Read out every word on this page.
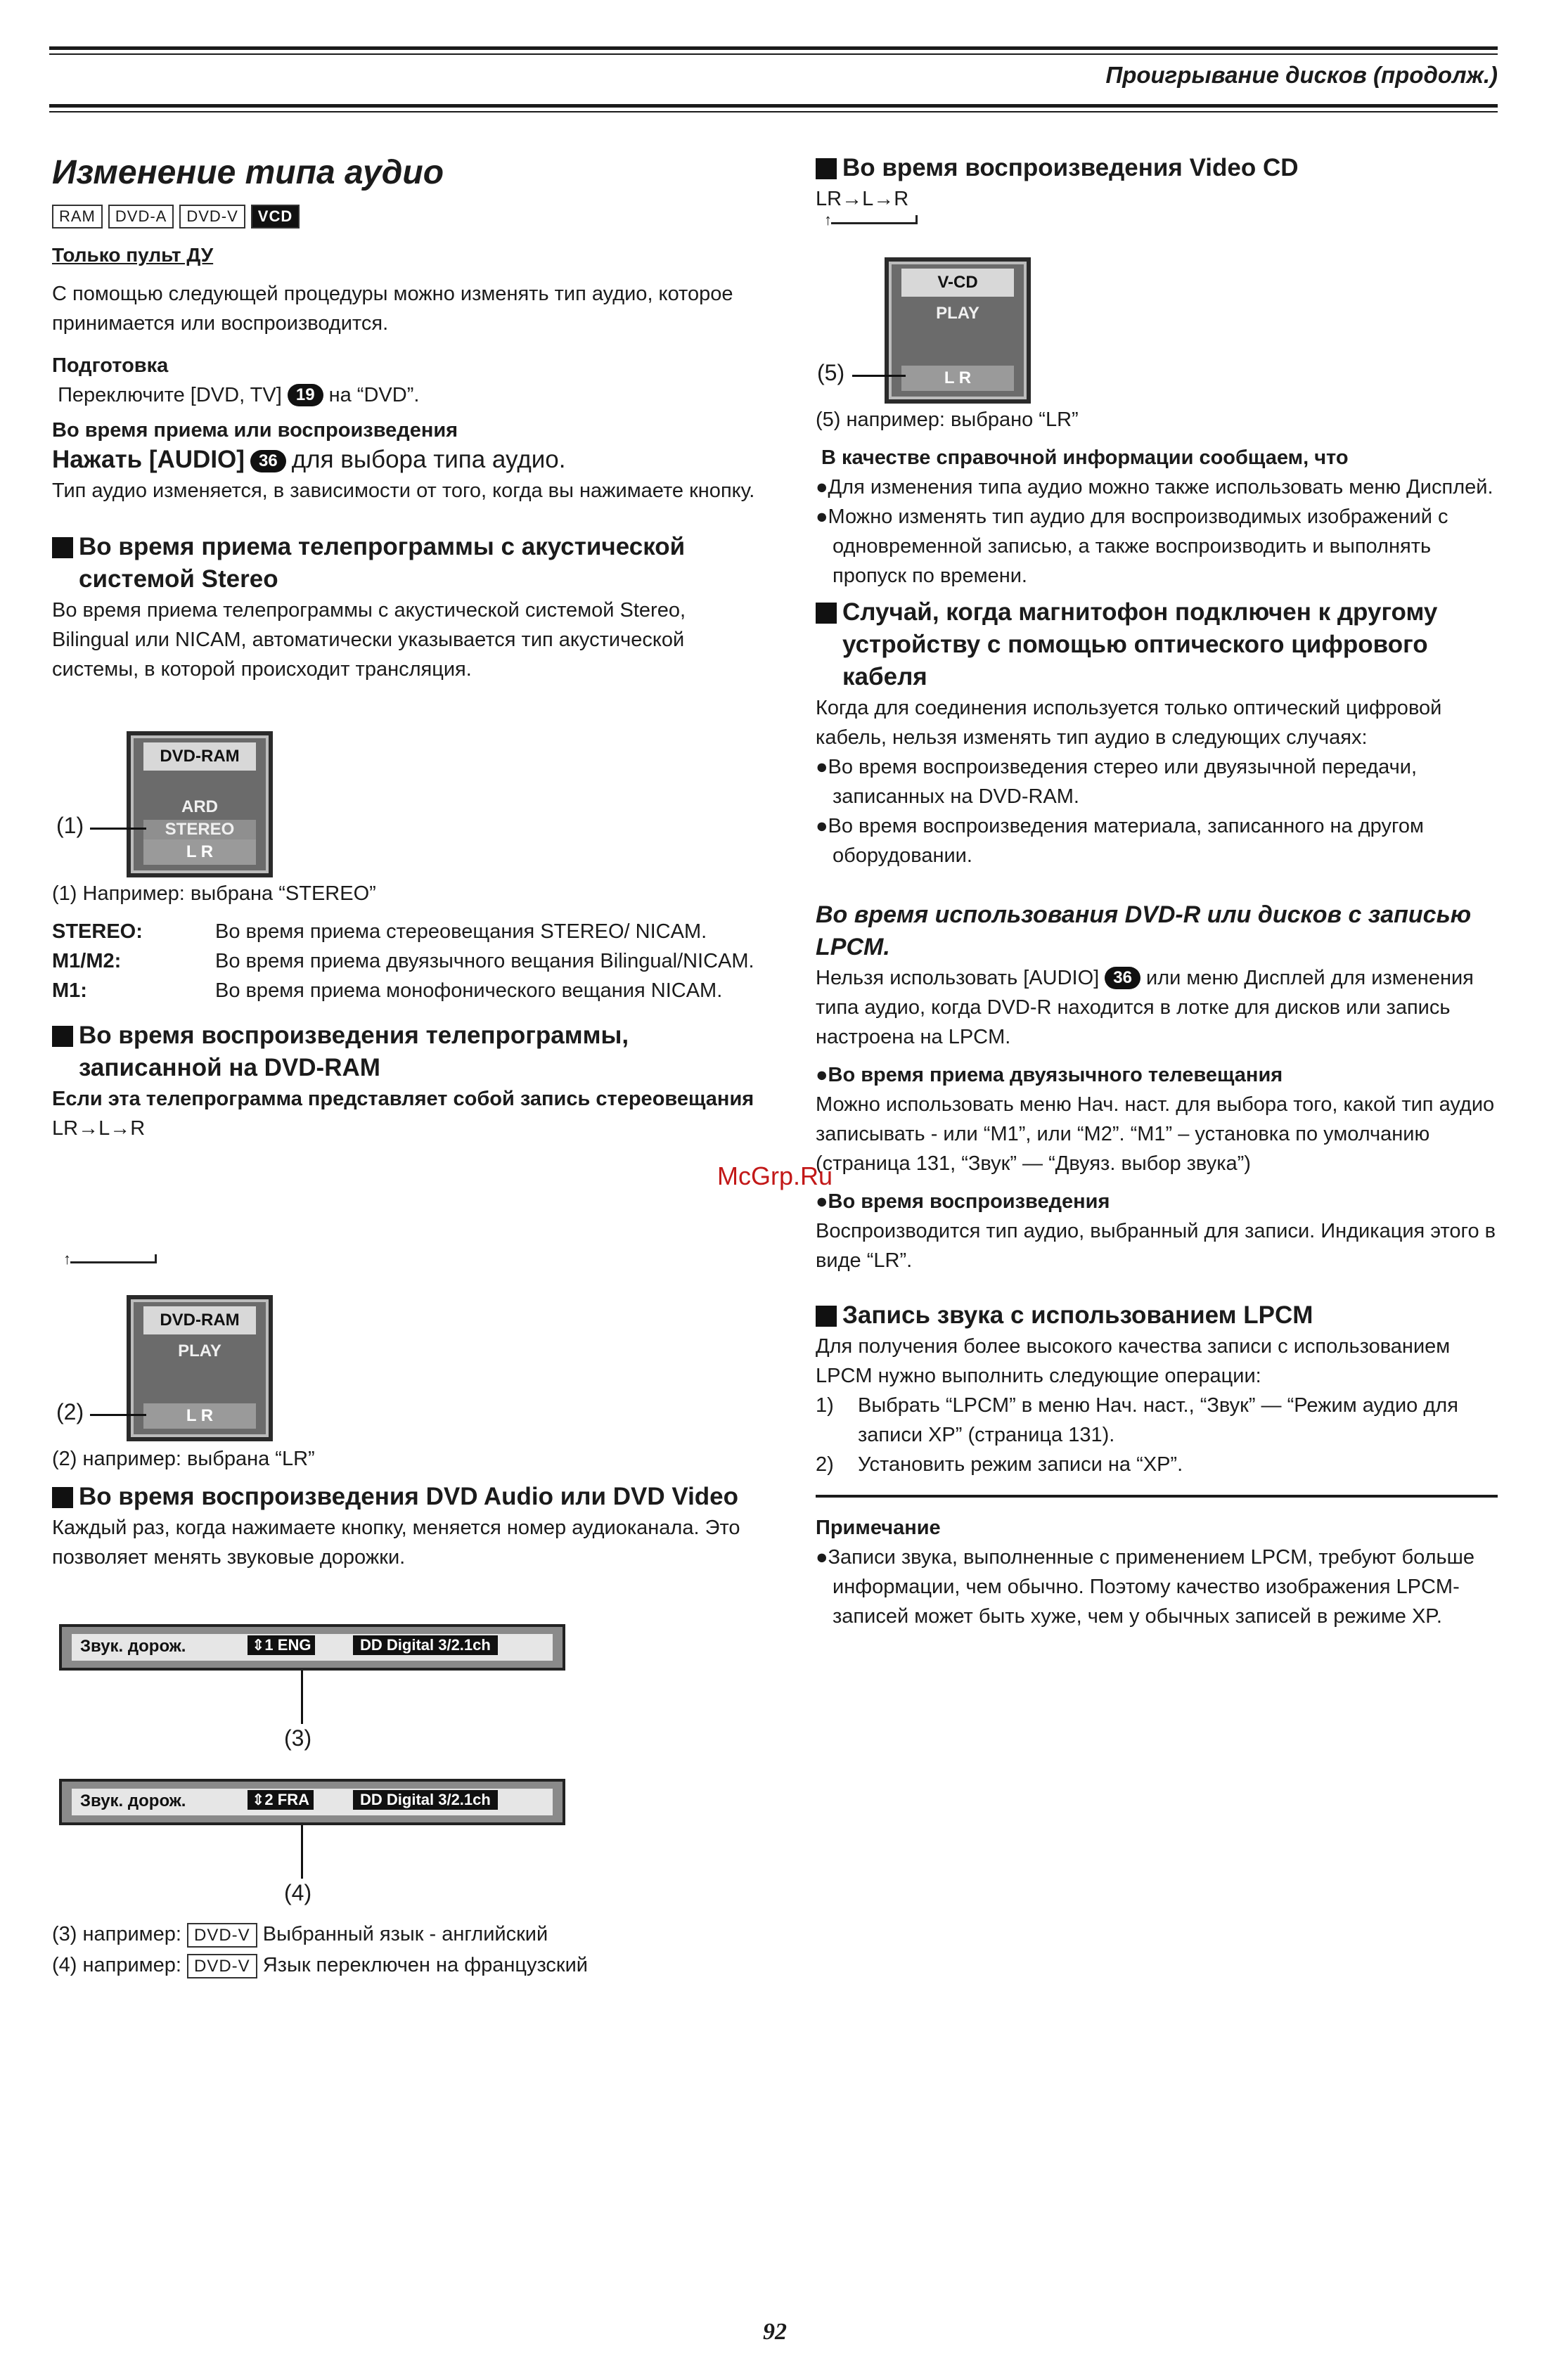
Проигрывание дисков (продолж.)
Изменение типа аудио
RAM	DVD-A	DVD-V	VCD
Только пульт ДУ

С помощью следующей процедуры можно изменять тип аудио, которое принимается или воспроизводится.

Подготовка

Переключите [DVD, TV] 19 на “DVD”.

Во время приема или воспроизведения

Нажать [AUDIO] 36 для выбора типа аудио.

Тип аудио изменяется, в зависимости от того, когда вы нажимаете кнопку.

Во время приема телепрограммы с акустической системой Stereo

Во время приема телепрограммы с акустической системой Stereo, Bilingual или NICAM, автоматически указывается тип акустической системы, в которой происходит трансляция.

DVD-RAM
ARD
STEREO
L R
(1)

(1) Например: выбрана “STEREO”

STEREO:	Во время приема стереовещания STEREO/ NICAM.
M1/M2:	Во время приема двуязычного вещания Bilingual/NICAM.
M1:	Во время приема монофонического вещания NICAM.

Во время воспроизведения телепрограммы, записанной на DVD-RAM

Если эта телепрограмма представляет собой запись стереовещания

LR→L→R

↑
DVD-RAM
PLAY
L R
(2)

(2) например: выбрана “LR”

Во время воспроизведения DVD Audio или DVD Video

Каждый раз, когда нажимаете кнопку, меняется номер аудиоканала. Это позволяет менять звуковые дорожки.

Звук. дорож.	⇕1 ENG	DD Digital 3/2.1ch
(3)
Звук. дорож.	⇕2 FRA	DD Digital 3/2.1ch
(4)

(3) например: DVD-V Выбранный язык - английский

(4) например: DVD-V Язык переключен на французский

Во время воспроизведения Video CD

LR→L→R

↑
V-CD
PLAY
L R
(5)

(5) например: выбрано “LR”

В качестве справочной информации сообщаем, что

●Для изменения типа аудио можно также использовать меню Дисплей.

●Можно изменять тип аудио для воспроизводимых изображений с одновременной записью, а также воспроизводить и выполнять пропуск по времени.

Случай, когда магнитофон подключен к другому устройству с помощью оптического цифрового кабеля

Когда для соединения используется только оптический цифровой кабель, нельзя изменять тип аудио в следующих случаях:

●Во время воспроизведения стерео или двуязычной передачи, записанных на DVD-RAM.

●Во время воспроизведения материала, записанного на другом оборудовании.

Во время использования DVD-R или дисков с записью LPCM.

Нельзя использовать [AUDIO] 36 или меню Дисплей для изменения типа аудио, когда DVD-R находится в лотке для дисков или запись настроена на LPCM.

●Во время приема двуязычного телевещания

Можно использовать меню Нач. наст. для выбора того, какой тип аудио записывать - или “M1”, или “M2”. “M1” – установка по умолчанию (страница 131, “Звук” — “Двуяз. выбор звука”)

●Во время воспроизведения

Воспроизводится тип аудио, выбранный для записи. Индикация этого в виде “LR”.

Запись звука с использованием LPCM

Для получения более высокого качества записи с использованием LPCM нужно выполнить следующие операции:

1)	Выбрать “LPCM” в меню Нач. наст., “Звук” — “Режим аудио для записи XP” (страница 131).

2)	Установить режим записи на “XP”.

Примечание

●Записи звука, выполненные с применением LPCM, требуют больше информации, чем обычно. Поэтому качество изображения LPCM-записей может быть хуже, чем у обычных записей в режиме XP.

McGrp.Ru
92
